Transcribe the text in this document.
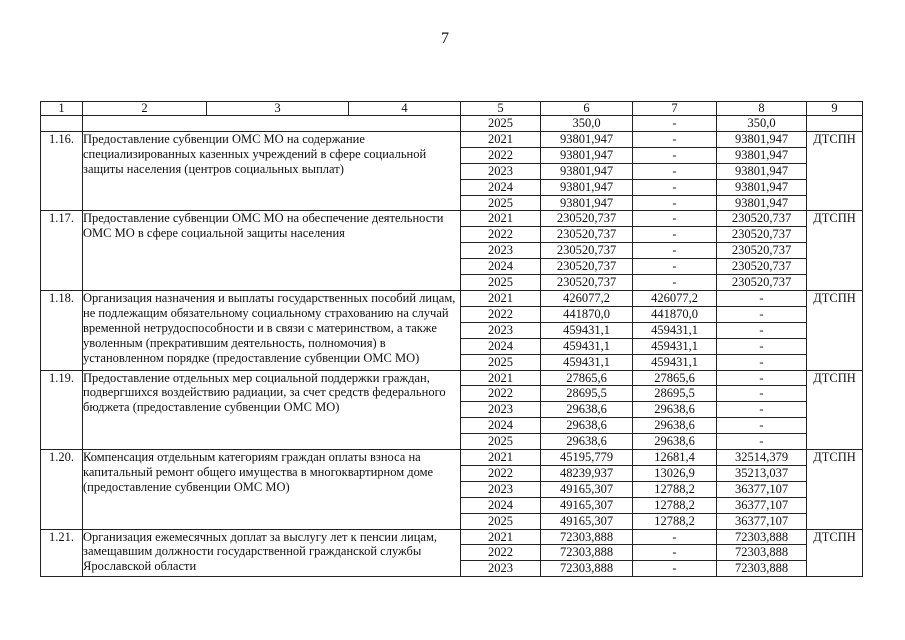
7
1	2	3	4	5	6	7	8	9
				2025	350,0	-	350,0	
1.16.	Предоставление субвенции ОМС МО на содержание специализированных казенных учреждений в сфере социальной защиты населения (центров социальных выплат)			2021	93801,947	-	93801,947	ДТСПН
				2022	93801,947	-	93801,947	
				2023	93801,947	-	93801,947	
				2024	93801,947	-	93801,947	
				2025	93801,947	-	93801,947	
1.17.	Предоставление субвенции ОМС МО на обеспечение деятельности ОМС МО в сфере социальной защиты населения			2021	230520,737	-	230520,737	ДТСПН
				2022	230520,737	-	230520,737	
				2023	230520,737	-	230520,737	
				2024	230520,737	-	230520,737	
				2025	230520,737	-	230520,737	
1.18.	Организация назначения и выплаты государственных пособий лицам, не подлежащим обязательному социальному страхованию на случай временной нетрудоспособности и в связи с материнством, а также уволенным (прекратившим деятельность, полномочия) в установленном порядке (предоставление субвенции ОМС МО)			2021	426077,2	426077,2	-	ДТСПН
				2022	441870,0	441870,0	-	
				2023	459431,1	459431,1	-	
				2024	459431,1	459431,1	-	
				2025	459431,1	459431,1	-	
1.19.	Предоставление отдельных мер социальной поддержки граждан, подвергшихся воздействию радиации, за счет средств федерального бюджета (предоставление субвенции ОМС МО)			2021	27865,6	27865,6	-	ДТСПН
				2022	28695,5	28695,5	-	
				2023	29638,6	29638,6	-	
				2024	29638,6	29638,6	-	
				2025	29638,6	29638,6	-	
1.20.	Компенсация отдельным категориям граждан оплаты взноса на капитальный ремонт общего имущества в многоквартирном доме (предоставление субвенции ОМС МО)			2021	45195,779	12681,4	32514,379	ДТСПН
				2022	48239,937	13026,9	35213,037	
				2023	49165,307	12788,2	36377,107	
				2024	49165,307	12788,2	36377,107	
				2025	49165,307	12788,2	36377,107	
1.21.	Организация ежемесячных доплат за выслугу лет к пенсии лицам, замещавшим должности государственной гражданской службы Ярославской области			2021	72303,888	-	72303,888	ДТСПН
				2022	72303,888	-	72303,888	
				2023	72303,888	-	72303,888	
